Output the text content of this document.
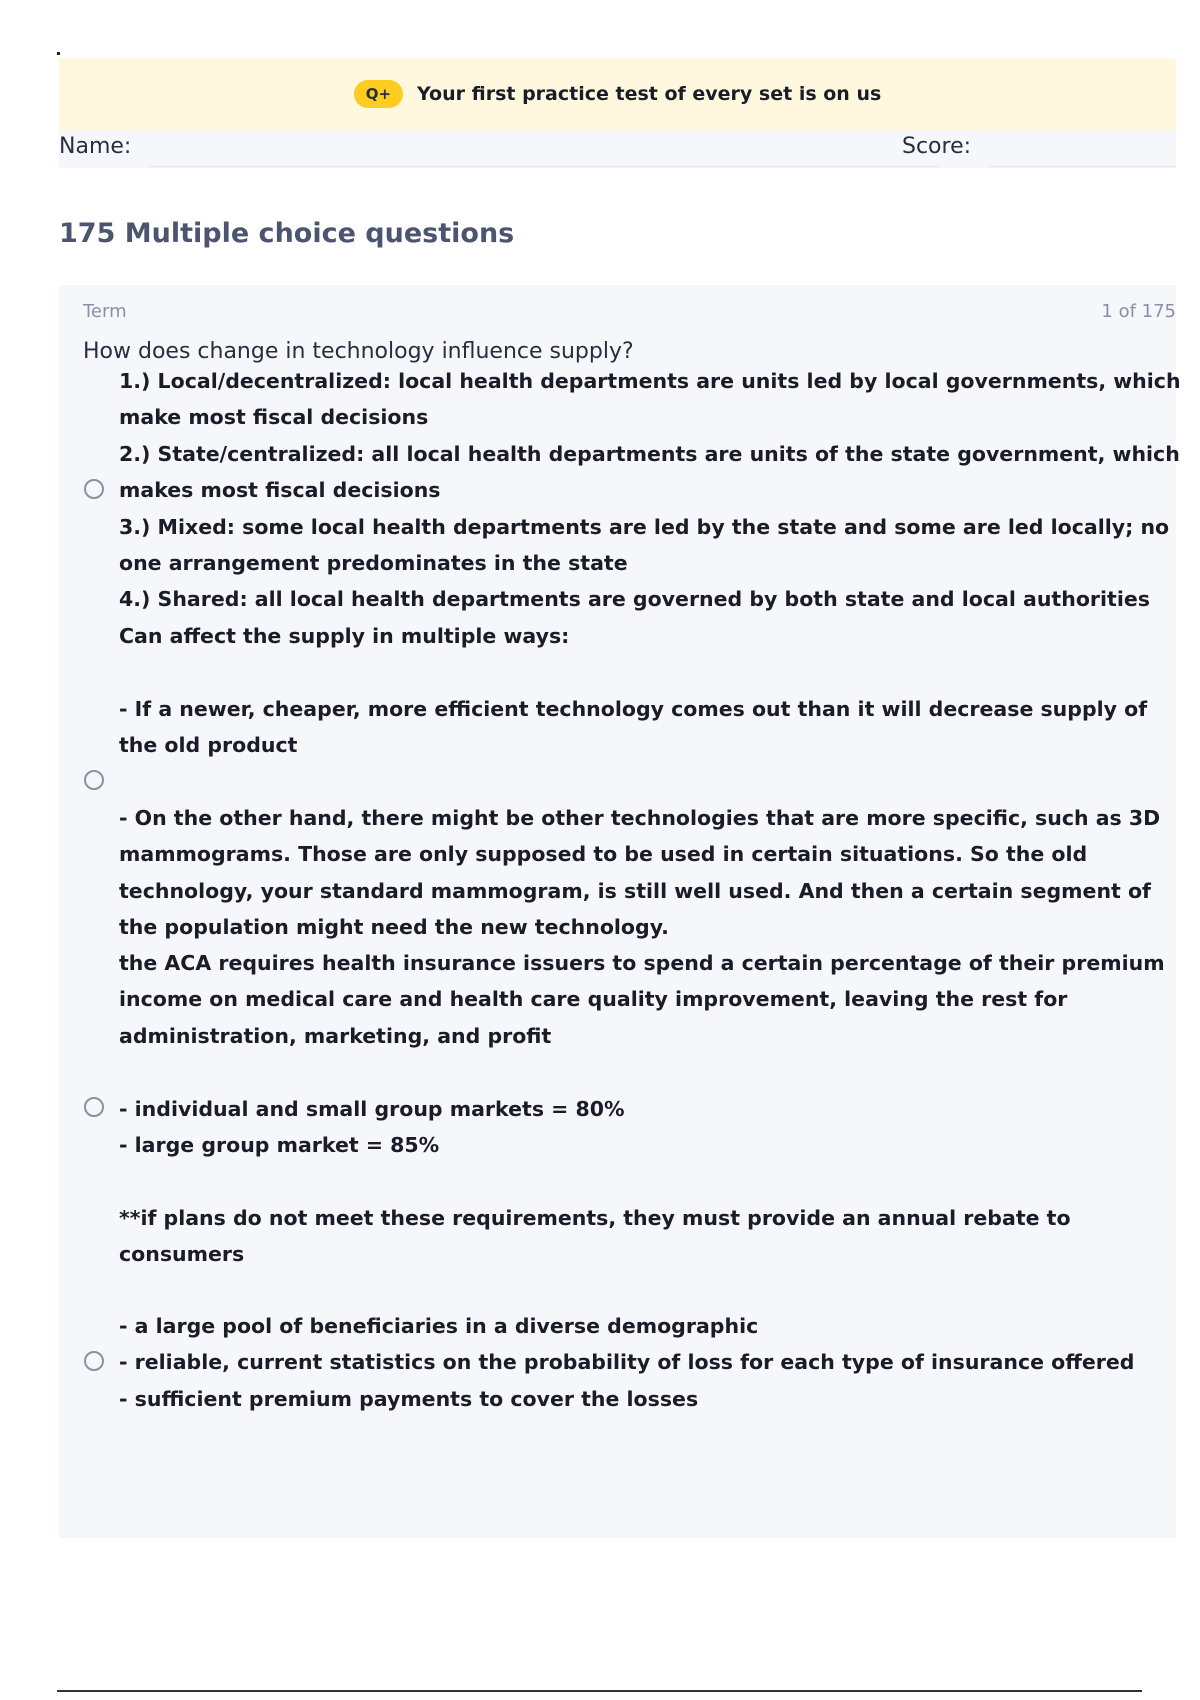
Q+	Your first practice test of every set is on us
Name:	Score:
175 Multiple choice questions
Term	1 of 175
How does change in technology influence supply?
1.) Local/decentralized: local health departments are units led by local governments, which
make most fiscal decisions
2.) State/centralized: all local health departments are units of the state government, which
makes most fiscal decisions
3.) Mixed: some local health departments are led by the state and some are led locally; no
one arrangement predominates in the state
4.) Shared: all local health departments are governed by both state and local authorities
Can affect the supply in multiple ways:
- If a newer, cheaper, more efficient technology comes out than it will decrease supply of
the old product
- On the other hand, there might be other technologies that are more specific, such as 3D
mammograms. Those are only supposed to be used in certain situations. So the old
technology, your standard mammogram, is still well used. And then a certain segment of
the population might need the new technology.
the ACA requires health insurance issuers to spend a certain percentage of their premium
income on medical care and health care quality improvement, leaving the rest for
administration, marketing, and profit
- individual and small group markets = 80%
- large group market = 85%
**if plans do not meet these requirements, they must provide an annual rebate to
consumers
- a large pool of beneficiaries in a diverse demographic
- reliable, current statistics on the probability of loss for each type of insurance offered
- sufficient premium payments to cover the losses
